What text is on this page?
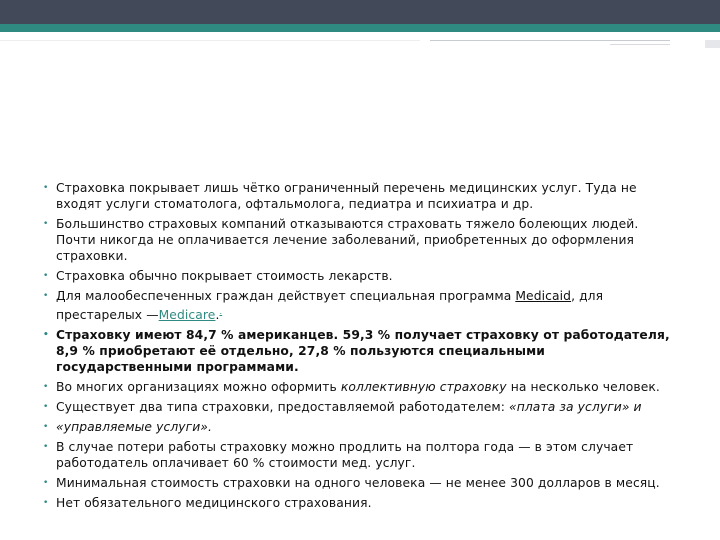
• Страховка покрывает лишь чётко ограниченный перечень медицинских услуг. Туда не входят услуги стоматолога, офтальмолога, педиатра и психиатра и др.
• Большинство страховых компаний отказываются страховать тяжело болеющих людей. Почти никогда не оплачивается лечение заболеваний, приобретенных до оформления страховки.
• Страховка обычно покрывает стоимость лекарств.
• Для малообеспеченных граждан действует специальная программа Medicaid, для престарелых —Medicare..
• Страховку имеют 84,7 % американцев. 59,3 % получает страховку от работодателя, 8,9 % приобретают её отдельно, 27,8 % пользуются специальными государственными программами.
• Во многих организациях можно оформить коллективную страховку на несколько человек.
• Существует два типа страховки, предоставляемой работодателем: «плата за услуги» и
• «управляемые услуги».
• В случае потери работы страховку можно продлить на полтора года — в этом случает работодатель оплачивает 60 % стоимости мед. услуг.
• Минимальная стоимость страховки на одного человека — не менее 300 долларов в месяц.
• Нет обязательного медицинского страхования.
